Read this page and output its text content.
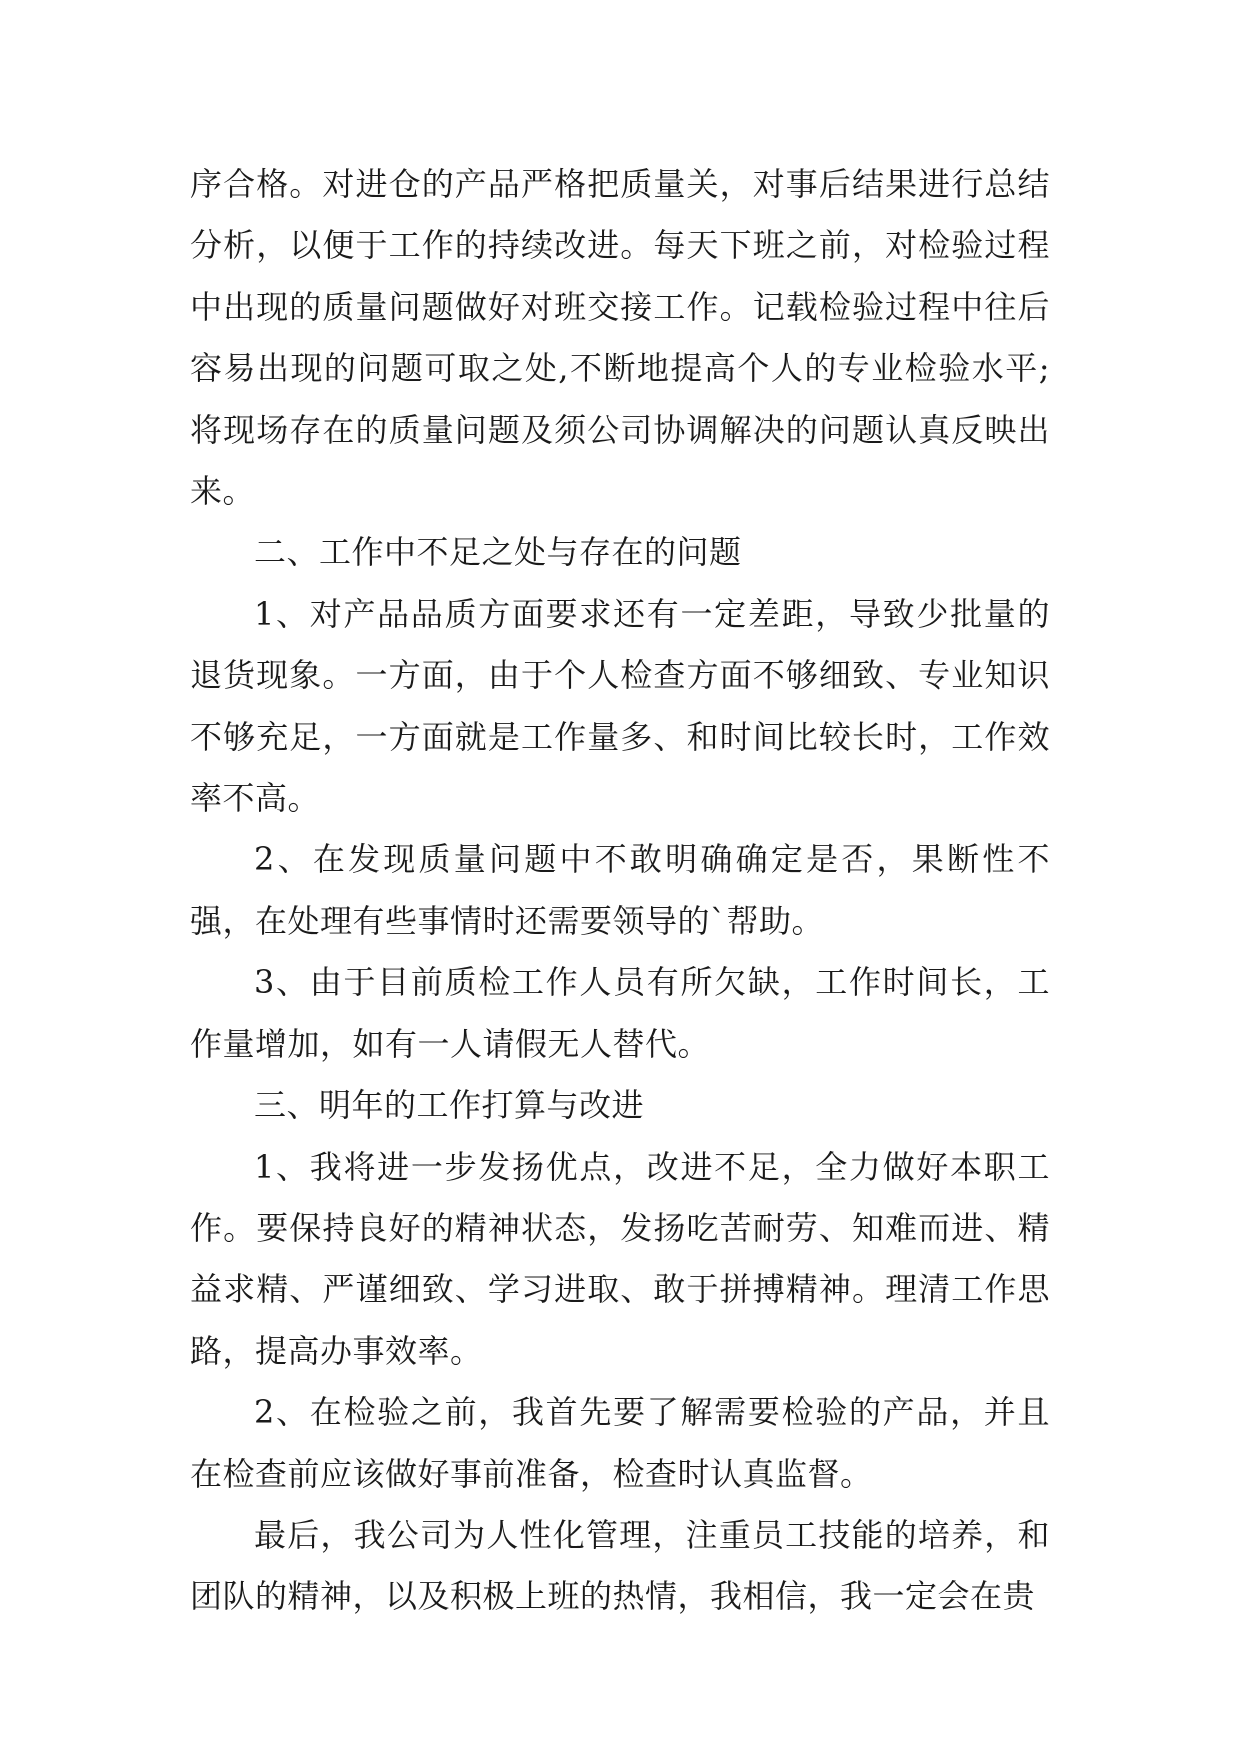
序合格。对进仓的产品严格把质量关，对事后结果进行总结分析，以便于工作的持续改进。每天下班之前，对检验过程中出现的质量问题做好对班交接工作。记载检验过程中往后容易出现的问题可取之处,不断地提高个人的专业检验水平;将现场存在的质量问题及须公司协调解决的问题认真反映出来。

二、工作中不足之处与存在的问题

1、对产品品质方面要求还有一定差距，导致少批量的退货现象。一方面，由于个人检查方面不够细致、专业知识不够充足，一方面就是工作量多、和时间比较长时，工作效率不高。

2、在发现质量问题中不敢明确确定是否，果断性不强，在处理有些事情时还需要领导的`帮助。

3、由于目前质检工作人员有所欠缺，工作时间长，工作量增加，如有一人请假无人替代。

三、明年的工作打算与改进

1、我将进一步发扬优点，改进不足，全力做好本职工作。要保持良好的精神状态，发扬吃苦耐劳、知难而进、精益求精、严谨细致、学习进取、敢于拼搏精神。理清工作思路，提高办事效率。

2、在检验之前，我首先要了解需要检验的产品，并且在检查前应该做好事前准备，检查时认真监督。

最后，我公司为人性化管理，注重员工技能的培养，和团队的精神，以及积极上班的热情，我相信，我一定会在贵
